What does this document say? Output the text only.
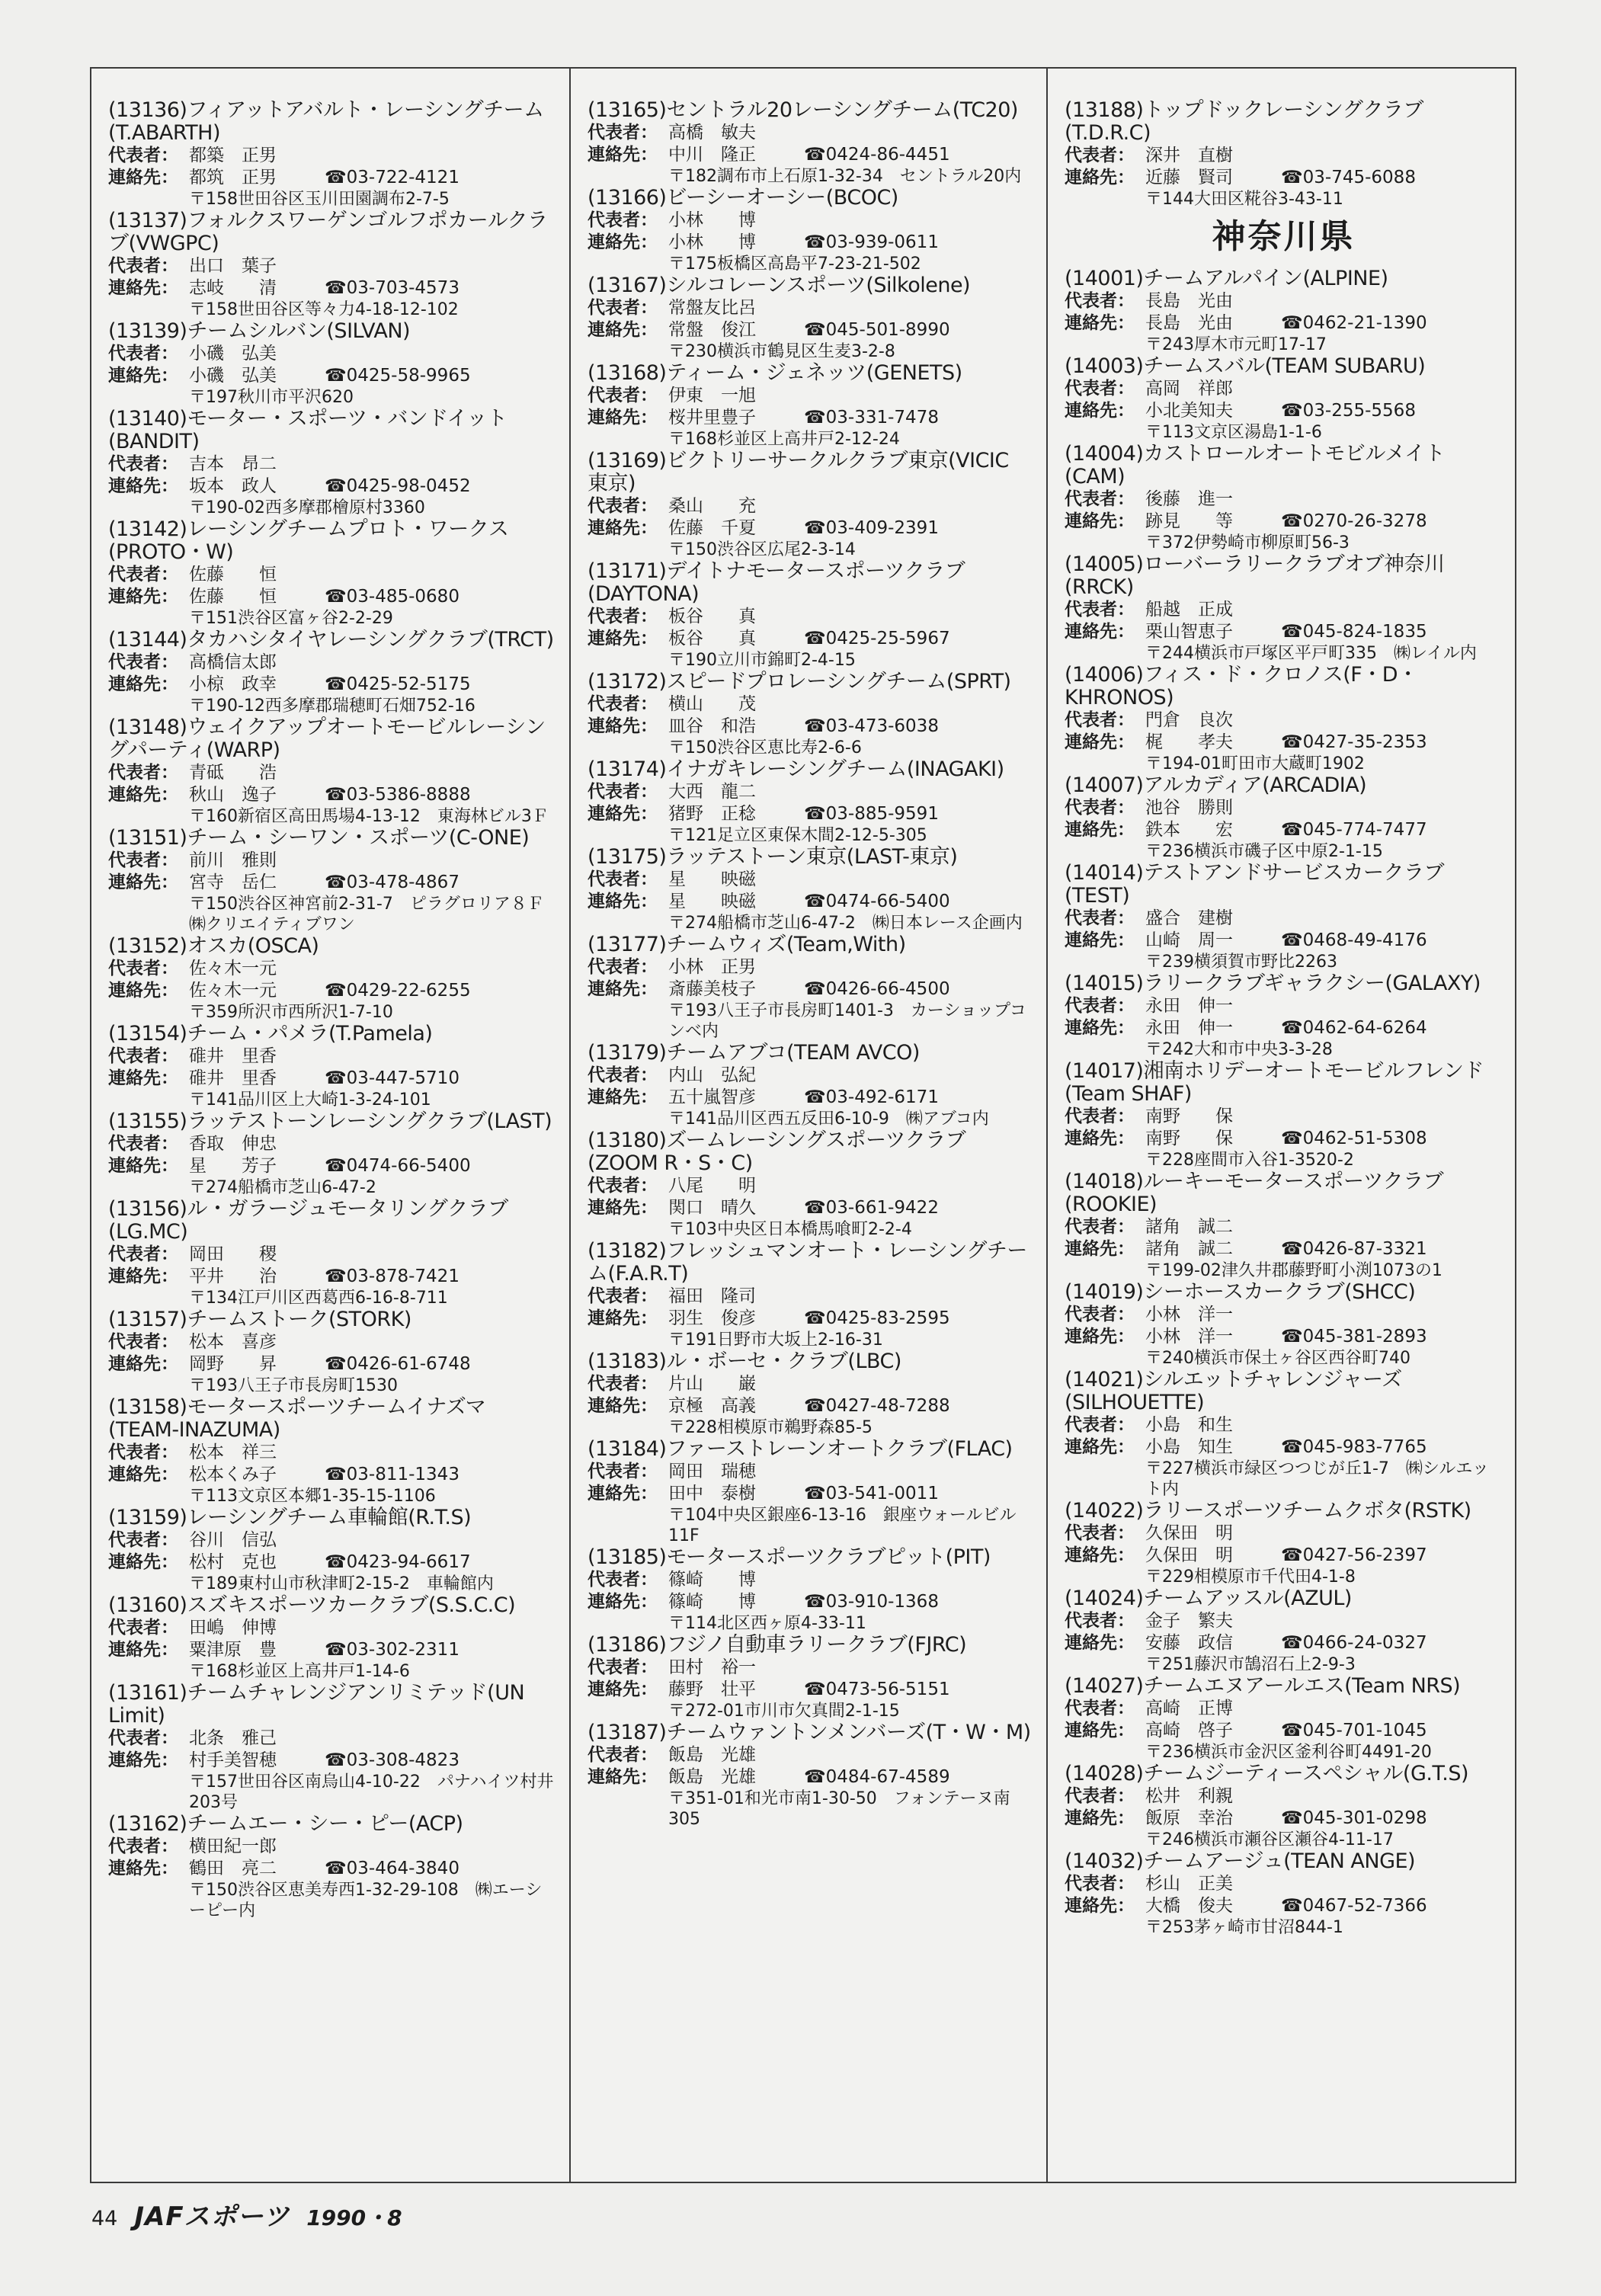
(13136)フィアットアバルト・レーシングチーム(T.ABARTH)
代表者： 都築　正男
連絡先： 都筑　正男	☎03-722-4121
〒158世田谷区玉川田園調布2-7-5
(13137)フォルクスワーゲンゴルフポカールクラブ(VWGPC)
代表者： 出口　葉子
連絡先： 志岐　　清	☎03-703-4573
〒158世田谷区等々力4-18-12-102
(13139)チームシルバン(SILVAN)
代表者： 小磯　弘美
連絡先： 小磯　弘美	☎0425-58-9965
〒197秋川市平沢620
(13140)モーター・スポーツ・バンドイット(BANDIT)
代表者： 吉本　昂二
連絡先： 坂本　政人	☎0425-98-0452
〒190-02西多摩郡檜原村3360
(13142)レーシングチームプロト・ワークス(PROTO・W)
代表者： 佐藤　　恒
連絡先： 佐藤　　恒	☎03-485-0680
〒151渋谷区富ヶ谷2-2-29
(13144)タカハシタイヤレーシングクラブ(TRCT)
代表者： 高橋信太郎
連絡先： 小椋　政幸	☎0425-52-5175
〒190-12西多摩郡瑞穂町石畑752-16
(13148)ウェイクアップオートモービルレーシングパーティ(WARP)
代表者： 青砥　　浩
連絡先： 秋山　逸子	☎03-5386-8888
〒160新宿区高田馬場4-13-12　東海林ビル3Ｆ
(13151)チーム・シーワン・スポーツ(C-ONE)
代表者： 前川　雅則
連絡先： 宮寺　岳仁	☎03-478-4867
〒150渋谷区神宮前2-31-7　ピラグロリア８Ｆ㈱クリエイティブワン
(13152)オスカ(OSCA)
代表者： 佐々木一元
連絡先： 佐々木一元	☎0429-22-6255
〒359所沢市西所沢1-7-10
(13154)チーム・パメラ(T.Pamela)
代表者： 碓井　里香
連絡先： 碓井　里香	☎03-447-5710
〒141品川区上大崎1-3-24-101
(13155)ラッテストーンレーシングクラブ(LAST)
代表者： 香取　伸忠
連絡先： 星　　芳子	☎0474-66-5400
〒274船橋市芝山6-47-2
(13156)ル・ガラージュモータリングクラブ(LG.MC)
代表者： 岡田　　稷
連絡先： 平井　　治	☎03-878-7421
〒134江戸川区西葛西6-16-8-711
(13157)チームストーク(STORK)
代表者： 松本　喜彦
連絡先： 岡野　　昇	☎0426-61-6748
〒193八王子市長房町1530
(13158)モータースポーツチームイナズマ(TEAM-INAZUMA)
代表者： 松本　祥三
連絡先： 松本くみ子	☎03-811-1343
〒113文京区本郷1-35-15-1106
(13159)レーシングチーム車輪館(R.T.S)
代表者： 谷川　信弘
連絡先： 松村　克也	☎0423-94-6617
〒189東村山市秋津町2-15-2　車輪館内
(13160)スズキスポーツカークラブ(S.S.C.C)
代表者： 田嶋　伸博
連絡先： 粟津原　豊	☎03-302-2311
〒168杉並区上高井戸1-14-6
(13161)チームチャレンジアンリミテッド(UN Limit)
代表者： 北条　雅己
連絡先： 村手美智穂	☎03-308-4823
〒157世田谷区南烏山4-10-22　パナハイツ村井203号
(13162)チームエー・シー・ピー(ACP)
代表者： 横田紀一郎
連絡先： 鶴田　亮二	☎03-464-3840
〒150渋谷区恵美寿西1-32-29-108　㈱エーシーピー内
(13165)セントラル20レーシングチーム(TC20)
代表者： 高橋　敏夫
連絡先： 中川　隆正	☎0424-86-4451
〒182調布市上石原1-32-34　セントラル20内
(13166)ビーシーオーシー(BCOC)
代表者： 小林　　博
連絡先： 小林　　博	☎03-939-0611
〒175板橋区高島平7-23-21-502
(13167)シルコレーンスポーツ(Silkolene)
代表者： 常盤友比呂
連絡先： 常盤　俊江	☎045-501-8990
〒230横浜市鶴見区生麦3-2-8
(13168)ティーム・ジェネッツ(GENETS)
代表者： 伊東　一旭
連絡先： 桜井里豊子	☎03-331-7478
〒168杉並区上高井戸2-12-24
(13169)ビクトリーサークルクラブ東京(VICIC 東京)
代表者： 桑山　　充
連絡先： 佐藤　千夏	☎03-409-2391
〒150渋谷区広尾2-3-14
(13171)デイトナモータースポーツクラブ(DAYTONA)
代表者： 板谷　　真
連絡先： 板谷　　真	☎0425-25-5967
〒190立川市錦町2-4-15
(13172)スピードプロレーシングチーム(SPRT)
代表者： 横山　　茂
連絡先： 皿谷　和浩	☎03-473-6038
〒150渋谷区恵比寿2-6-6
(13174)イナガキレーシングチーム(INAGAKI)
代表者： 大西　龍二
連絡先： 猪野　正稔	☎03-885-9591
〒121足立区東保木間2-12-5-305
(13175)ラッテストーン東京(LAST-東京)
代表者： 星　　映磁
連絡先： 星　　映磁	☎0474-66-5400
〒274船橋市芝山6-47-2　㈱日本レース企画内
(13177)チームウィズ(Team,With)
代表者： 小林　正男
連絡先： 斎藤美枝子	☎0426-66-4500
〒193八王子市長房町1401-3　カーショップコンベ内
(13179)チームアブコ(TEAM AVCO)
代表者： 内山　弘紀
連絡先： 五十嵐智彦	☎03-492-6171
〒141品川区西五反田6-10-9　㈱アブコ内
(13180)ズームレーシングスポーツクラブ(ZOOM R・S・C)
代表者： 八尾　　明
連絡先： 関口　晴久	☎03-661-9422
〒103中央区日本橋馬喰町2-2-4
(13182)フレッシュマンオート・レーシングチーム(F.A.R.T)
代表者： 福田　隆司
連絡先： 羽生　俊彦	☎0425-83-2595
〒191日野市大坂上2-16-31
(13183)ル・ボーセ・クラブ(LBC)
代表者： 片山　　巌
連絡先： 京極　高義	☎0427-48-7288
〒228相模原市鵜野森85-5
(13184)ファーストレーンオートクラブ(FLAC)
代表者： 岡田　瑞穂
連絡先： 田中　泰樹	☎03-541-0011
〒104中央区銀座6-13-16　銀座ウォールビル11F
(13185)モータースポーツクラブピット(PIT)
代表者： 篠崎　　博
連絡先： 篠崎　　博	☎03-910-1368
〒114北区西ヶ原4-33-11
(13186)フジノ自動車ラリークラブ(FJRC)
代表者： 田村　裕一
連絡先： 藤野　壮平	☎0473-56-5151
〒272-01市川市欠真間2-1-15
(13187)チームウァントンメンバーズ(T・W・M)
代表者： 飯島　光雄
連絡先： 飯島　光雄	☎0484-67-4589
〒351-01和光市南1-30-50　フォンテーヌ南305
(13188)トップドックレーシングクラブ(T.D.R.C)
代表者： 深井　直樹
連絡先： 近藤　賢司	☎03-745-6088
〒144大田区糀谷3-43-11
神奈川県
(14001)チームアルパイン(ALPINE)
代表者： 長島　光由
連絡先： 長島　光由	☎0462-21-1390
〒243厚木市元町17-17
(14003)チームスバル(TEAM SUBARU)
代表者： 高岡　祥郎
連絡先： 小北美知夫	☎03-255-5568
〒113文京区湯島1-1-6
(14004)カストロールオートモビルメイト(CAM)
代表者： 後藤　進一
連絡先： 跡見　　等	☎0270-26-3278
〒372伊勢崎市柳原町56-3
(14005)ローバーラリークラブオブ神奈川(RRCK)
代表者： 船越　正成
連絡先： 栗山智恵子	☎045-824-1835
〒244横浜市戸塚区平戸町335　㈱レイル内
(14006)フィス・ド・クロノス(F・D・KHRONOS)
代表者： 門倉　良次
連絡先： 梶　　孝夫	☎0427-35-2353
〒194-01町田市大蔵町1902
(14007)アルカディア(ARCADIA)
代表者： 池谷　勝則
連絡先： 鉄本　　宏	☎045-774-7477
〒236横浜市磯子区中原2-1-15
(14014)テストアンドサービスカークラブ(TEST)
代表者： 盛合　建樹
連絡先： 山崎　周一	☎0468-49-4176
〒239横須賀市野比2263
(14015)ラリークラブギャラクシー(GALAXY)
代表者： 永田　伸一
連絡先： 永田　伸一	☎0462-64-6264
〒242大和市中央3-3-28
(14017)湘南ホリデーオートモービルフレンド(Team SHAF)
代表者： 南野　　保
連絡先： 南野　　保	☎0462-51-5308
〒228座間市入谷1-3520-2
(14018)ルーキーモータースポーツクラブ(ROOKIE)
代表者： 諸角　誠二
連絡先： 諸角　誠二	☎0426-87-3321
〒199-02津久井郡藤野町小渕1073の1
(14019)シーホースカークラブ(SHCC)
代表者： 小林　洋一
連絡先： 小林　洋一	☎045-381-2893
〒240横浜市保土ヶ谷区西谷町740
(14021)シルエットチャレンジャーズ(SILHOUETTE)
代表者： 小島　和生
連絡先： 小島　知生	☎045-983-7765
〒227横浜市緑区つつじが丘1-7　㈱シルエット内
(14022)ラリースポーツチームクボタ(RSTK)
代表者： 久保田　明
連絡先： 久保田　明	☎0427-56-2397
〒229相模原市千代田4-1-8
(14024)チームアッスル(AZUL)
代表者： 金子　繁夫
連絡先： 安藤　政信	☎0466-24-0327
〒251藤沢市鵠沼石上2-9-3
(14027)チームエヌアールエス(Team NRS)
代表者： 高崎　正博
連絡先： 高崎　啓子	☎045-701-1045
〒236横浜市金沢区釜利谷町4491-20
(14028)チームジーティースペシャル(G.T.S)
代表者： 松井　利親
連絡先： 飯原　幸治	☎045-301-0298
〒246横浜市瀬谷区瀬谷4-11-17
(14032)チームアージュ(TEAN ANGE)
代表者： 杉山　正美
連絡先： 大橋　俊夫	☎0467-52-7366
〒253茅ヶ崎市甘沼844-1
44 JAFスポーツ 1990・8
